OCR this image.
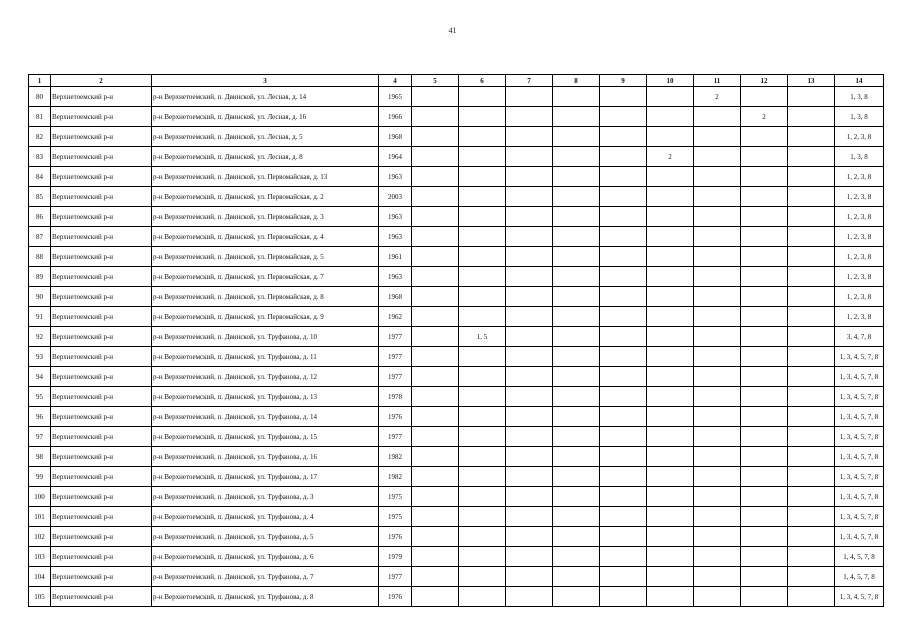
41
1	2	3	4	5	6	7	8	9	10	11	12	13	14
80	Верхнетоемский р-н	р-н Верхнетоемский, п. Двинской, ул. Лесная, д. 14	1965							2			1, 3, 8
81	Верхнетоемский р-н	р-н Верхнетоемский, п. Двинской, ул. Лесная, д. 16	1966								2		1, 3, 8
82	Верхнетоемский р-н	р-н Верхнетоемский, п. Двинской, ул. Лесная, д. 5	1968										1, 2, 3, 8
83	Верхнетоемский р-н	р-н Верхнетоемский, п. Двинской, ул. Лесная, д. 8	1964						2				1, 3, 8
84	Верхнетоемский р-н	р-н Верхнетоемский, п. Двинской, ул. Первомайская, д. 13	1963										1, 2, 3, 8
85	Верхнетоемский р-н	р-н Верхнетоемский, п. Двинской, ул. Первомайская, д. 2	2003										1, 2, 3, 8
86	Верхнетоемский р-н	р-н Верхнетоемский, п. Двинской, ул. Первомайская, д. 3	1963										1, 2, 3, 8
87	Верхнетоемский р-н	р-н Верхнетоемский, п. Двинской, ул. Первомайская, д. 4	1963										1, 2, 3, 8
88	Верхнетоемский р-н	р-н Верхнетоемский, п. Двинской, ул. Первомайская, д. 5	1961										1, 2, 3, 8
89	Верхнетоемский р-н	р-н Верхнетоемский, п. Двинской, ул. Первомайская, д. 7	1963										1, 2, 3, 8
90	Верхнетоемский р-н	р-н Верхнетоемский, п. Двинской, ул. Первомайская, д. 8	1968										1, 2, 3, 8
91	Верхнетоемский р-н	р-н Верхнетоемский, п. Двинской, ул. Первомайская, д. 9	1962										1, 2, 3, 8
92	Верхнетоемский р-н	р-н Верхнетоемский, п. Двинской, ул. Труфанова, д. 10	1977		1, 5								3, 4, 7, 8
93	Верхнетоемский р-н	р-н Верхнетоемский, п. Двинской, ул. Труфанова, д. 11	1977										1, 3, 4, 5, 7, 8
94	Верхнетоемский р-н	р-н Верхнетоемский, п. Двинской, ул. Труфанова, д. 12	1977										1, 3, 4, 5, 7, 8
95	Верхнетоемский р-н	р-н Верхнетоемский, п. Двинской, ул. Труфанова, д. 13	1978										1, 3, 4, 5, 7, 8
96	Верхнетоемский р-н	р-н Верхнетоемский, п. Двинской, ул. Труфанова, д. 14	1976										1, 3, 4, 5, 7, 8
97	Верхнетоемский р-н	р-н Верхнетоемский, п. Двинской, ул. Труфанова, д. 15	1977										1, 3, 4, 5, 7, 8
98	Верхнетоемский р-н	р-н Верхнетоемский, п. Двинской, ул. Труфанова, д. 16	1982										1, 3, 4, 5, 7, 8
99	Верхнетоемский р-н	р-н Верхнетоемский, п. Двинской, ул. Труфанова, д. 17	1982										1, 3, 4, 5, 7, 8
100	Верхнетоемский р-н	р-н Верхнетоемский, п. Двинской, ул. Труфанова, д. 3	1975										1, 3, 4, 5, 7, 8
101	Верхнетоемский р-н	р-н Верхнетоемский, п. Двинской, ул. Труфанова, д. 4	1975										1, 3, 4, 5, 7, 8
102	Верхнетоемский р-н	р-н Верхнетоемский, п. Двинской, ул. Труфанова, д. 5	1976										1, 3, 4, 5, 7, 8
103	Верхнетоемский р-н	р-н Верхнетоемский, п. Двинской, ул. Труфанова, д. 6	1979										1, 4, 5, 7, 8
104	Верхнетоемский р-н	р-н Верхнетоемский, п. Двинской, ул. Труфанова, д. 7	1977										1, 4, 5, 7, 8
105	Верхнетоемский р-н	р-н Верхнетоемский, п. Двинской, ул. Труфанова, д. 8	1976										1, 3, 4, 5, 7, 8
